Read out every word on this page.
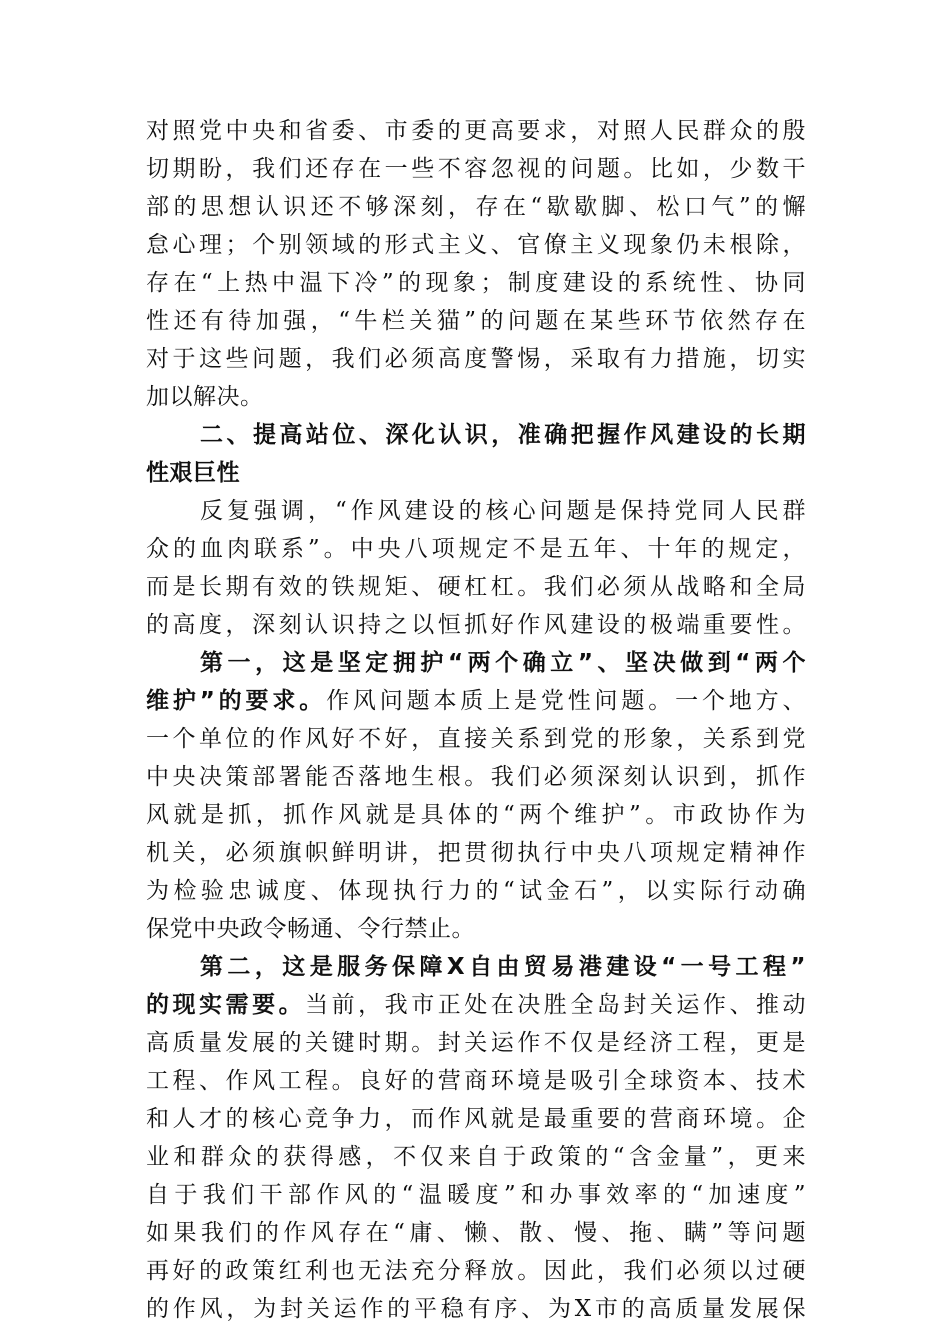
对照党中央和省委、市委的更高要求，对照人民群众的殷
切期盼，我们还存在一些不容忽视的问题。比如，少数干
部的思想认识还不够深刻，存在“歇歇脚、松口气”的懈
怠心理；个别领域的形式主义、官僚主义现象仍未根除，
存在“上热中温下冷”的现象；制度建设的系统性、协同
性还有待加强，“牛栏关猫”的问题在某些环节依然存在
对于这些问题，我们必须高度警惕，采取有力措施，切实
加以解决。
二、提高站位、深化认识，准确把握作风建设的长期
性艰巨性
反复强调，“作风建设的核心问题是保持党同人民群
众的血肉联系”。中央八项规定不是五年、十年的规定，
而是长期有效的铁规矩、硬杠杠。我们必须从战略和全局
的高度，深刻认识持之以恒抓好作风建设的极端重要性。
第一，这是坚定拥护“两个确立”、坚决做到“两个
维护”的要求。作风问题本质上是党性问题。一个地方、
一个单位的作风好不好，直接关系到党的形象，关系到党
中央决策部署能否落地生根。我们必须深刻认识到，抓作
风就是抓，抓作风就是具体的“两个维护”。市政协作为
机关，必须旗帜鲜明讲，把贯彻执行中央八项规定精神作
为检验忠诚度、体现执行力的“试金石”，以实际行动确
保党中央政令畅通、令行禁止。
第二，这是服务保障X自由贸易港建设“一号工程”
的现实需要。当前，我市正处在决胜全岛封关运作、推动
高质量发展的关键时期。封关运作不仅是经济工程，更是
工程、作风工程。良好的营商环境是吸引全球资本、技术
和人才的核心竞争力，而作风就是最重要的营商环境。企
业和群众的获得感，不仅来自于政策的“含金量”，更来
自于我们干部作风的“温暖度”和办事效率的“加速度”
如果我们的作风存在“庸、懒、散、慢、拖、瞒”等问题
再好的政策红利也无法充分释放。因此，我们必须以过硬
的作风，为封关运作的平稳有序、为X市的高质量发展保
